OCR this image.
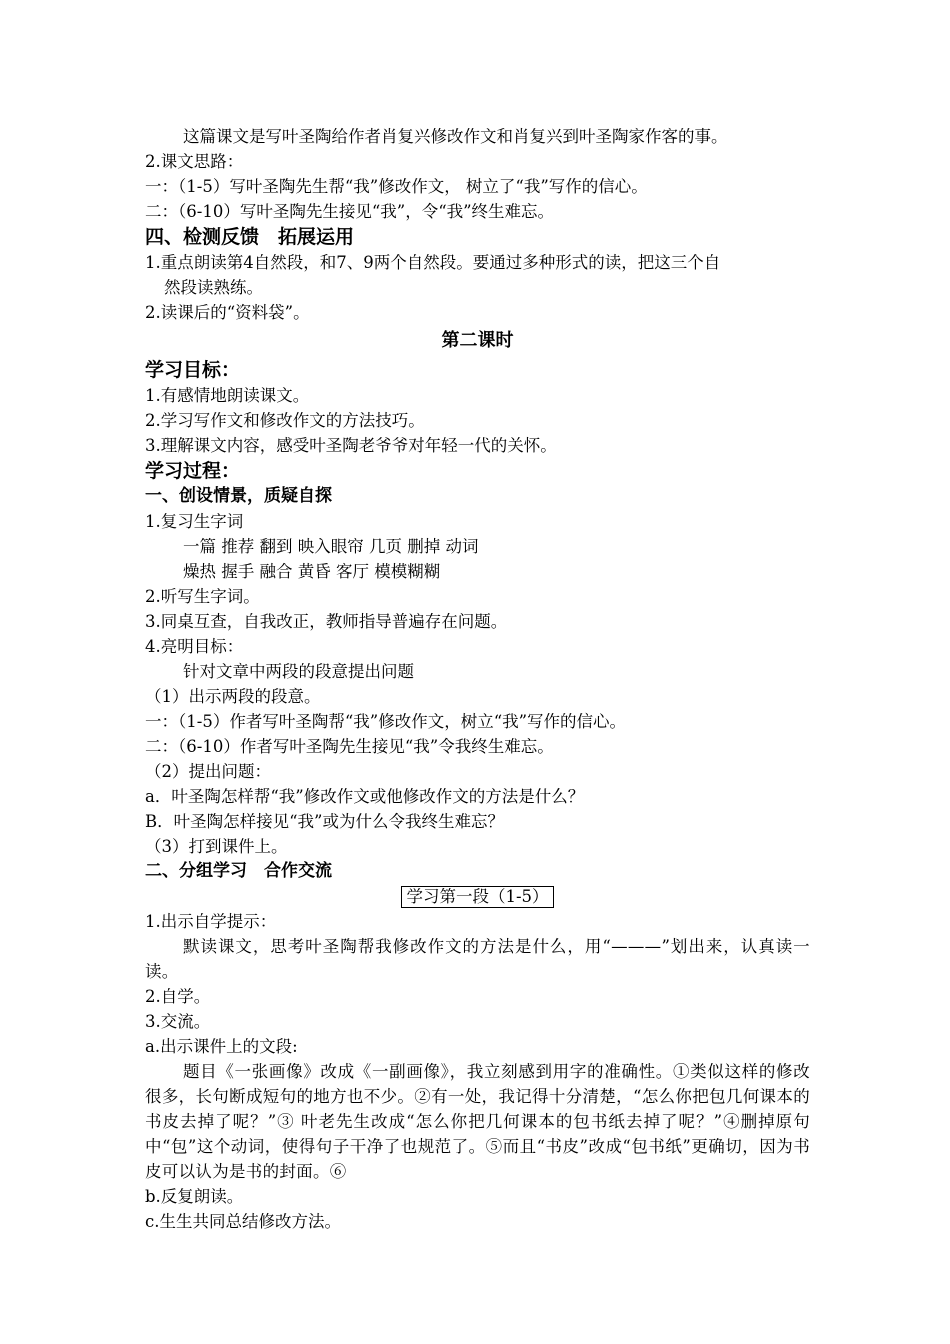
这篇课文是写叶圣陶给作者肖复兴修改作文和肖复兴到叶圣陶家作客的事。
2.课文思路：
一：（1-5）写叶圣陶先生帮“我”修改作文， 树立了“我”写作的信心。
二：（6-10）写叶圣陶先生接见“我”，令“我”终生难忘。
四、检测反馈　拓展运用
1.重点朗读第4自然段，和7、9两个自然段。要通过多种形式的读，把这三个自
然段读熟练。
2.读课后的“资料袋”。
第二课时
学习目标：
1.有感情地朗读课文。
2.学习写作文和修改作文的方法技巧。
3.理解课文内容，感受叶圣陶老爷爷对年轻一代的关怀。
学习过程：
一、创设情景，质疑自探
1.复习生字词
一篇 推荐 翻到 映入眼帘 几页 删掉 动词
燥热 握手 融合 黄昏 客厅 模模糊糊
2.听写生字词。
3.同桌互查，自我改正，教师指导普遍存在问题。
4.亮明目标：
针对文章中两段的段意提出问题
（1）出示两段的段意。
一：（1-5）作者写叶圣陶帮“我”修改作文，树立“我”写作的信心。
二：（6-10）作者写叶圣陶先生接见“我”令我终生难忘。
（2）提出问题：
a．叶圣陶怎样帮“我”修改作文或他修改作文的方法是什么？
B．叶圣陶怎样接见“我”或为什么令我终生难忘？
（3）打到课件上。
二、分组学习　合作交流
学习第一段（1-5）
1.出示自学提示：
默读课文，思考叶圣陶帮我修改作文的方法是什么，用“———”划出来，认真读一读。
2.自学。
3.交流。
a.出示课件上的文段:
题目《一张画像》改成《一副画像》，我立刻感到用字的准确性。①类似这样的修改很多，长句断成短句的地方也不少。②有一处，我记得十分清楚，“怎么你把包几何课本的书皮去掉了呢？”③ 叶老先生改成“怎么你把几何课本的包书纸去掉了呢？”④删掉原句中“包”这个动词，使得句子干净了也规范了。⑤而且“书皮”改成“包书纸”更确切，因为书皮可以认为是书的封面。⑥
b.反复朗读。
c.生生共同总结修改方法。
